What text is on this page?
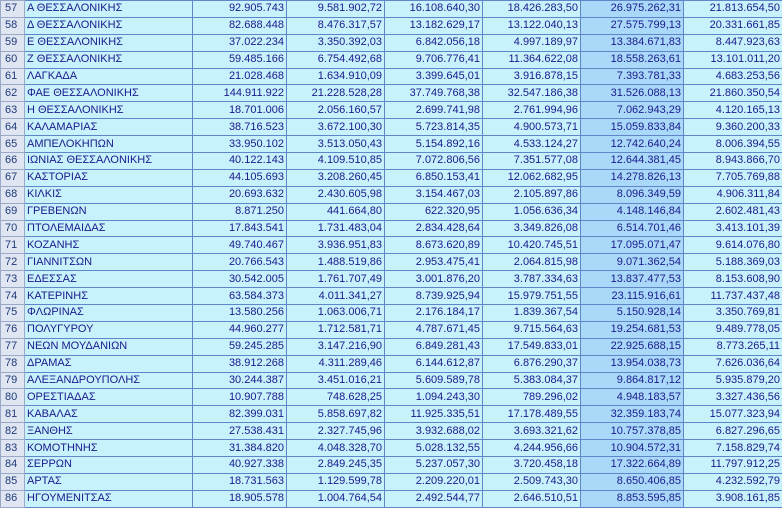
57	Α ΘΕΣΣΑΛΟΝΙΚΗΣ	92.905.743	9.581.902,72	16.108.640,30	18.426.283,50	26.975.262,31	21.813.654,50
58	Δ ΘΕΣΣΑΛΟΝΙΚΗΣ	82.688.448	8.476.317,57	13.182.629,17	13.122.040,13	27.575.799,13	20.331.661,85
59	Ε ΘΕΣΣΑΛΟΝΙΚΗΣ	37.022.234	3.350.392,03	6.842.056,18	4.997.189,97	13.384.671,83	8.447.923,63
60	Ζ ΘΕΣΣΑΛΟΝΙΚΗΣ	59.485.166	6.754.492,68	9.706.776,41	11.364.622,08	18.558.263,61	13.101.011,20
61	ΛΑΓΚΑΔΑ	21.028.468	1.634.910,09	3.399.645,01	3.916.878,15	7.393.781,33	4.683.253,56
62	ΦΑΕ ΘΕΣΣΑΛΟΝΙΚΗΣ	144.911.922	21.228.528,28	37.749.768,38	32.547.186,38	31.526.088,13	21.860.350,54
63	Η ΘΕΣΣΑΛΟΝΙΚΗΣ	18.701.006	2.056.160,57	2.699.741,98	2.761.994,96	7.062.943,29	4.120.165,13
64	ΚΑΛΑΜΑΡΙΑΣ	38.716.523	3.672.100,30	5.723.814,35	4.900.573,71	15.059.833,84	9.360.200,33
65	ΑΜΠΕΛΟΚΗΠΩΝ	33.950.102	3.513.050,43	5.154.892,16	4.533.124,27	12.742.640,24	8.006.394,55
66	ΙΩΝΙΑΣ ΘΕΣΣΑΛΟΝΙΚΗΣ	40.122.143	4.109.510,85	7.072.806,56	7.351.577,08	12.644.381,45	8.943.866,70
67	ΚΑΣΤΟΡΙΑΣ	44.105.693	3.208.260,45	6.850.153,41	12.062.682,95	14.278.826,13	7.705.769,88
68	ΚΙΛΚΙΣ	20.693.632	2.430.605,98	3.154.467,03	2.105.897,86	8.096.349,59	4.906.311,84
69	ΓΡΕΒΕΝΩΝ	8.871.250	441.664,80	622.320,95	1.056.636,34	4.148.146,84	2.602.481,43
70	ΠΤΟΛΕΜΑΙΔΑΣ	17.843.541	1.731.483,04	2.834.428,64	3.349.826,08	6.514.701,46	3.413.101,39
71	ΚΟΖΑΝΗΣ	49.740.467	3.936.951,83	8.673.620,89	10.420.745,51	17.095.071,47	9.614.076,80
72	ΓΙΑΝΝΙΤΣΩΝ	20.766.543	1.488.519,86	2.953.475,41	2.064.815,98	9.071.362,54	5.188.369,03
73	ΕΔΕΣΣΑΣ	30.542.005	1.761.707,49	3.001.876,20	3.787.334,63	13.837.477,53	8.153.608,90
74	ΚΑΤΕΡΙΝΗΣ	63.584.373	4.011.341,27	8.739.925,94	15.979.751,55	23.115.916,61	11.737.437,48
75	ΦΛΩΡΙΝΑΣ	13.580.256	1.063.006,71	2.176.184,17	1.839.367,54	5.150.928,14	3.350.769,81
76	ΠΟΛΥΓΥΡΟΥ	44.960.277	1.712.581,71	4.787.671,45	9.715.564,63	19.254.681,53	9.489.778,05
77	ΝΕΩΝ ΜΟΥΔΑΝΙΩΝ	59.245.285	3.147.216,90	6.849.281,43	17.549.833,01	22.925.688,15	8.773.265,11
78	ΔΡΑΜΑΣ	38.912.268	4.311.289,46	6.144.612,87	6.876.290,37	13.954.038,73	7.626.036,64
79	ΑΛΕΞΑΝΔΡΟΥΠΟΛΗΣ	30.244.387	3.451.016,21	5.609.589,78	5.383.084,37	9.864.817,12	5.935.879,20
80	ΟΡΕΣΤΙΑΔΑΣ	10.907.788	748.628,25	1.094.243,30	789.296,02	4.948.183,57	3.327.436,56
81	ΚΑΒΑΛΑΣ	82.399.031	5.858.697,82	11.925.335,51	17.178.489,55	32.359.183,74	15.077.323,94
82	ΞΑΝΘΗΣ	27.538.431	2.327.745,96	3.932.688,02	3.693.321,62	10.757.378,85	6.827.296,65
83	ΚΟΜΟΤΗΝΗΣ	31.384.820	4.048.328,70	5.028.132,55	4.244.956,66	10.904.572,31	7.158.829,74
84	ΣΕΡΡΩΝ	40.927.338	2.849.245,35	5.237.057,30	3.720.458,18	17.322.664,89	11.797.912,25
85	ΑΡΤΑΣ	18.731.563	1.129.599,78	2.209.220,01	2.509.743,30	8.650.406,85	4.232.592,79
86	ΗΓΟΥΜΕΝΙΤΣΑΣ	18.905.578	1.004.764,54	2.492.544,77	2.646.510,51	8.853.595,85	3.908.161,85
